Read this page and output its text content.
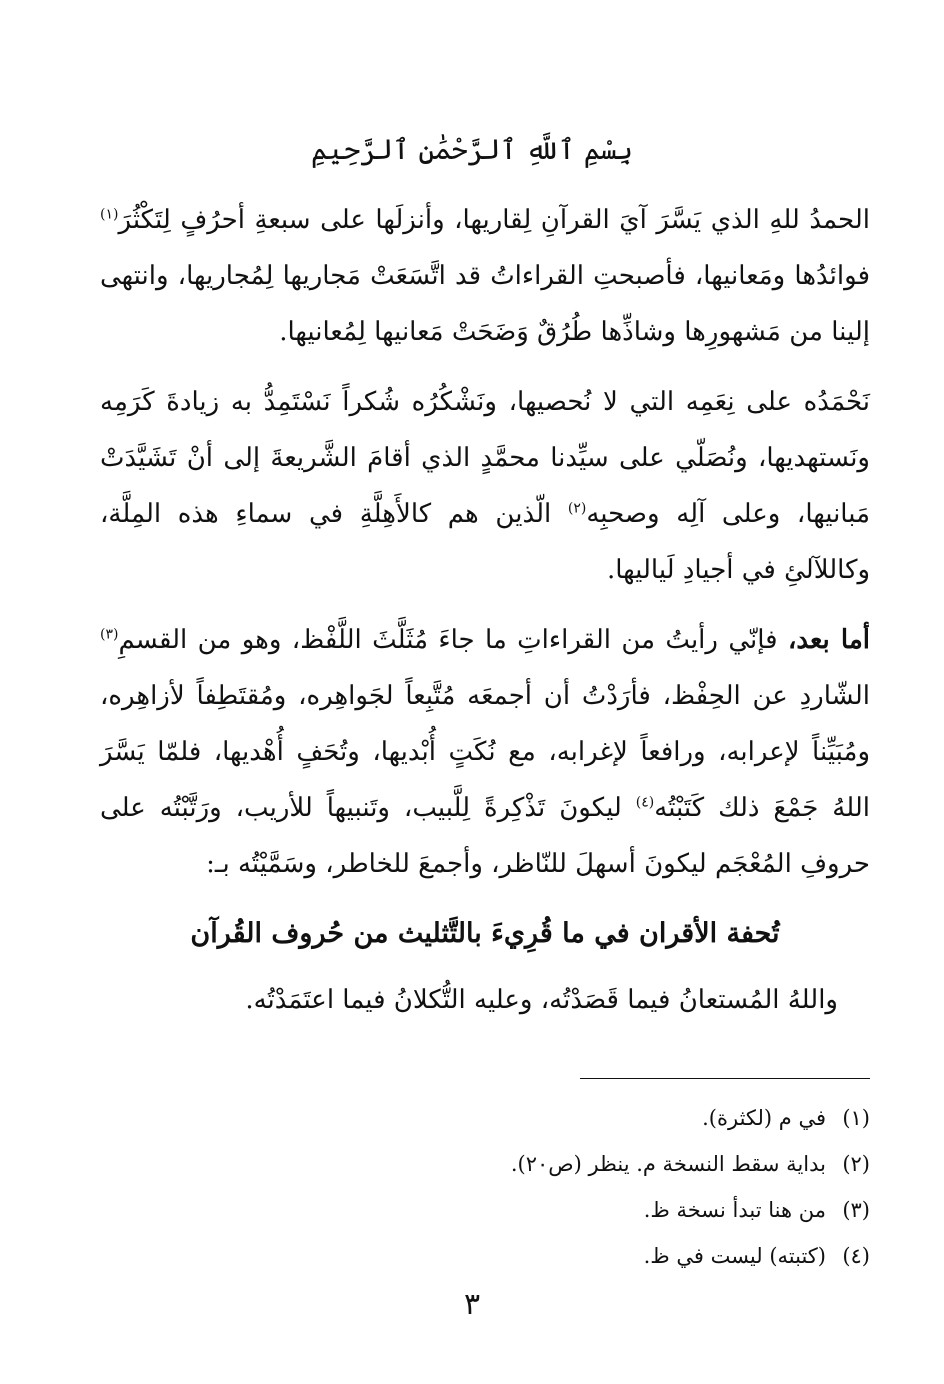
بِسْمِ ٱللَّهِ ٱلرَّحْمَٰنِ ٱلرَّحِيمِ

الحمدُ للهِ الذي يَسَّرَ آيَ القرآنِ لِقاريها، وأنزلَها على سبعةِ أحرُفٍ لِتَكْثُرَ$^{(١)}$ فوائدُها ومَعانيها، فأصبحتِ القراءاتُ قد اتَّسَعَتْ مَجاريها لِمُجاريها، وانتهى إلينا من مَشهورِها وشاذِّها طُرُقٌ وَضَحَتْ مَعانيها لِمُعانيها.

نَحْمَدُه على نِعَمِه التي لا نُحصيها، ونَشْكُرُه شُكراً نَسْتَمِدُّ به زيادةَ كَرَمِه ونَستهديها، ونُصَلّي على سيِّدنا محمَّدٍ الذي أقامَ الشَّريعةَ إلى أنْ تَشَيَّدَتْ مَبانيها، وعلى آلِه وصحبِه$^{(٢)}$ الّذين هم كالأَهِلَّةِ في سماءِ هذه المِلَّة، وكاللآلئِ في أجيادِ لَياليها.

أما بعد، فإنّي رأيتُ من القراءاتِ ما جاءَ مُثَلَّثَ اللَّفْظ، وهو من القسمِ$^{(٣)}$ الشّاردِ عن الحِفْظ، فأرَدْتُ أن أجمعَه مُتَّبِعاً لجَواهِره، ومُقتَطِفاً لأزاهِره، ومُبَيِّناً لإعرابه، ورافعاً لإغرابه، مع نُكَتٍ أُبْديها، وتُحَفٍ أُهْديها، فلمّا يَسَّرَ اللهُ جَمْعَ ذلك كَتَبْتُه$^{(٤)}$ ليكونَ تَذْكِرةً لِلَّبيب، وتَنبيهاً للأريب، ورَتَّبْتُه على حروفِ المُعْجَم ليكونَ أسهلَ للنّاظر، وأجمعَ للخاطر، وسَمَّيْتُه بـ:

تُحفة الأقران في ما قُرِيءَ بالتَّثليث من حُروف القُرآن
واللهُ المُستعانُ فيما قَصَدْتُه، وعليه التُّكلانُ فيما اعتَمَدْتُه.
(١)في م (لكثرة).
(٢)بداية سقط النسخة م. ينظر (ص٢٠).
(٣)من هنا تبدأ نسخة ظ.
(٤)(كتبته) ليست في ظ.
٣
